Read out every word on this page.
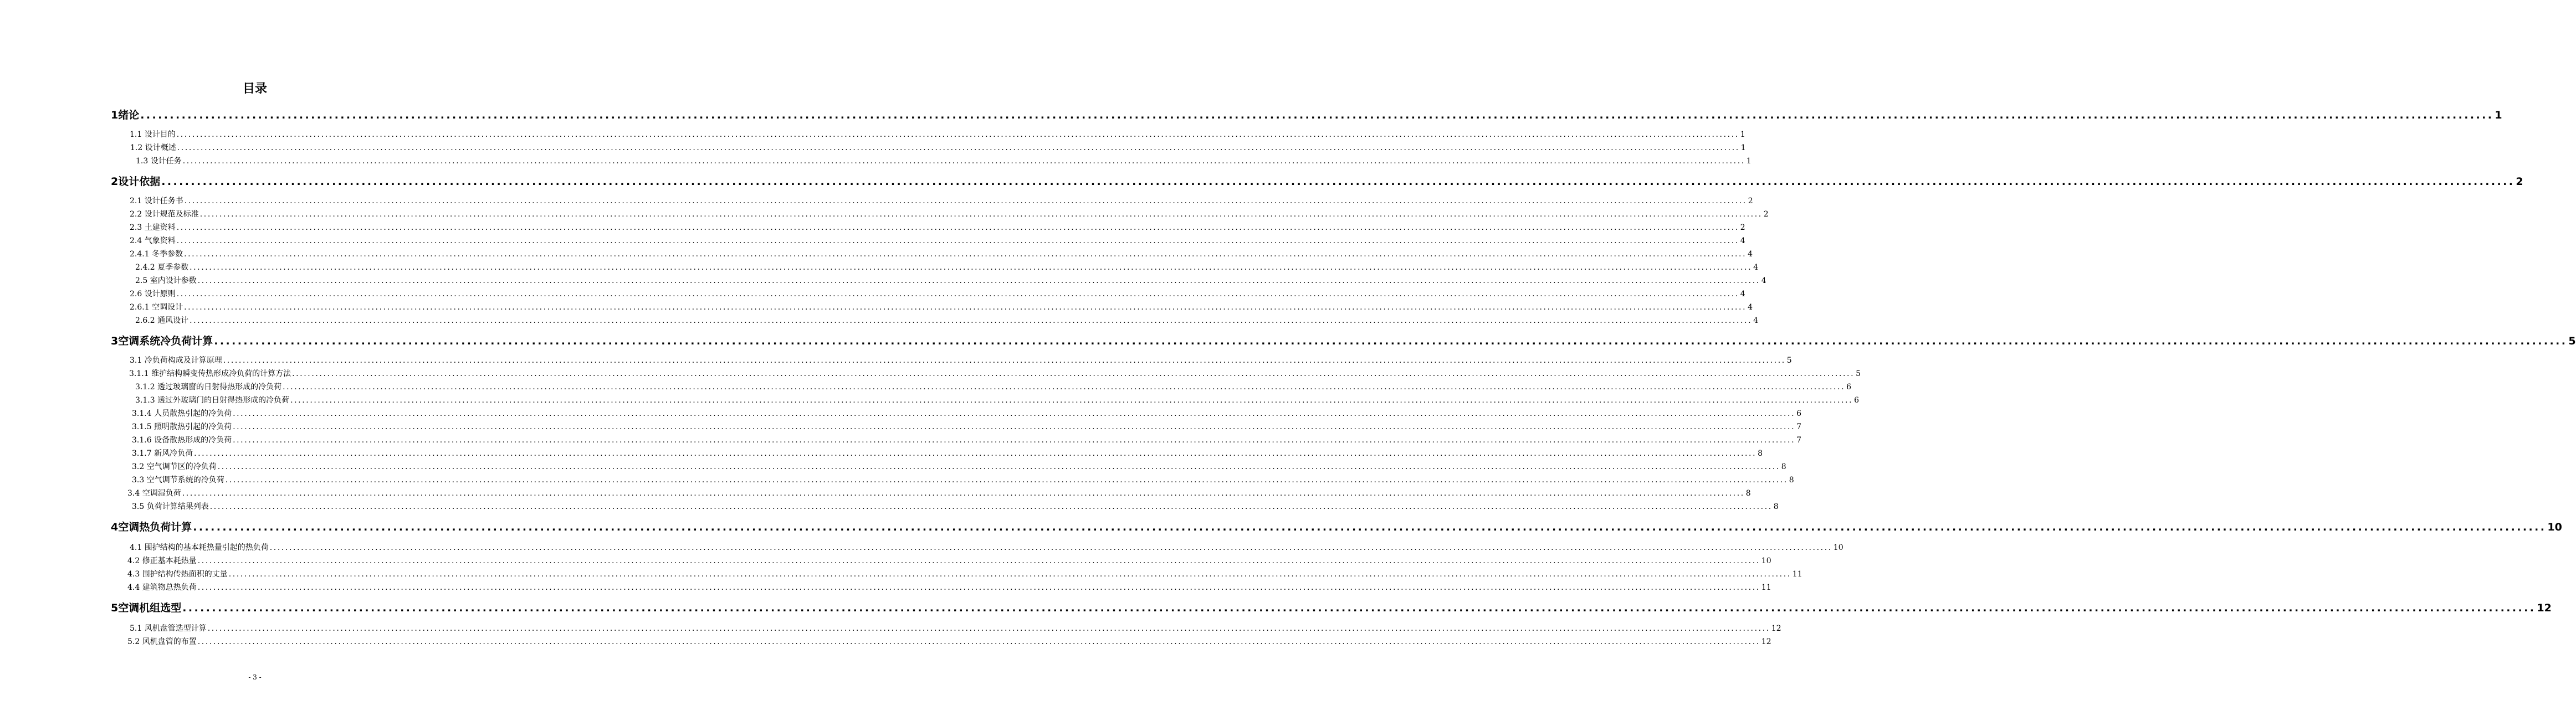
目录
1 绪论 ................................................................................................................................................................................................................................................................................................................................................................................................................ 1
1.1 设计目的 ................................................................................................................................................................................................................................................................................................................................................................................................................ 1
1.2 设计概述 ................................................................................................................................................................................................................................................................................................................................................................................................................ 1
1.3 设计任务 ................................................................................................................................................................................................................................................................................................................................................................................................................ 1
2 设计依据 ................................................................................................................................................................................................................................................................................................................................................................................................................ 2
2.1 设计任务书 ................................................................................................................................................................................................................................................................................................................................................................................................................ 2
2.2 设计规范及标准 ................................................................................................................................................................................................................................................................................................................................................................................................................ 2
2.3 土建资料 ................................................................................................................................................................................................................................................................................................................................................................................................................ 2
2.4 气象资料 ................................................................................................................................................................................................................................................................................................................................................................................................................ 4
2.4.1 冬季参数 ................................................................................................................................................................................................................................................................................................................................................................................................................ 4
2.4.2 夏季参数 ................................................................................................................................................................................................................................................................................................................................................................................................................ 4
2.5 室内设计参数 ................................................................................................................................................................................................................................................................................................................................................................................................................ 4
2.6 设计原则 ................................................................................................................................................................................................................................................................................................................................................................................................................ 4
2.6.1 空调设计 ................................................................................................................................................................................................................................................................................................................................................................................................................ 4
2.6.2 通风设计 ................................................................................................................................................................................................................................................................................................................................................................................................................ 4
3 空调系统冷负荷计算 ................................................................................................................................................................................................................................................................................................................................................................................................................ 5
3.1 冷负荷构成及计算原理 ................................................................................................................................................................................................................................................................................................................................................................................................................ 5
3.1.1 维护结构瞬变传热形成冷负荷的计算方法 ................................................................................................................................................................................................................................................................................................................................................................................................................ 5
3.1.2 透过玻璃窗的日射得热形成的冷负荷 ................................................................................................................................................................................................................................................................................................................................................................................................................ 6
3.1.3 透过外玻璃门的日射得热形成的冷负荷 ................................................................................................................................................................................................................................................................................................................................................................................................................ 6
3.1.4 人员散热引起的冷负荷 ................................................................................................................................................................................................................................................................................................................................................................................................................ 6
3.1.5 照明散热引起的冷负荷 ................................................................................................................................................................................................................................................................................................................................................................................................................ 7
3.1.6 设备散热形成的冷负荷 ................................................................................................................................................................................................................................................................................................................................................................................................................ 7
3.1.7 新风冷负荷 ................................................................................................................................................................................................................................................................................................................................................................................................................ 8
3.2 空气调节区的冷负荷 ................................................................................................................................................................................................................................................................................................................................................................................................................ 8
3.3 空气调节系统的冷负荷 ................................................................................................................................................................................................................................................................................................................................................................................................................ 8
3.4 空调湿负荷 ................................................................................................................................................................................................................................................................................................................................................................................................................ 8
3.5 负荷计算结果列表 ................................................................................................................................................................................................................................................................................................................................................................................................................ 8
4 空调热负荷计算 ................................................................................................................................................................................................................................................................................................................................................................................................................ 10
4.1 围护结构的基本耗热量引起的热负荷 ................................................................................................................................................................................................................................................................................................................................................................................................................ 10
4.2 修正基本耗热量 ................................................................................................................................................................................................................................................................................................................................................................................................................ 10
4.3 围护结构传热面积的丈量 ................................................................................................................................................................................................................................................................................................................................................................................................................ 11
4.4 建筑物总热负荷 ................................................................................................................................................................................................................................................................................................................................................................................................................ 11
5 空调机组选型 ................................................................................................................................................................................................................................................................................................................................................................................................................ 12
5.1 风机盘管选型计算 ................................................................................................................................................................................................................................................................................................................................................................................................................ 12
5.2 风机盘管的布置 ................................................................................................................................................................................................................................................................................................................................................................................................................ 12
- 3 -
